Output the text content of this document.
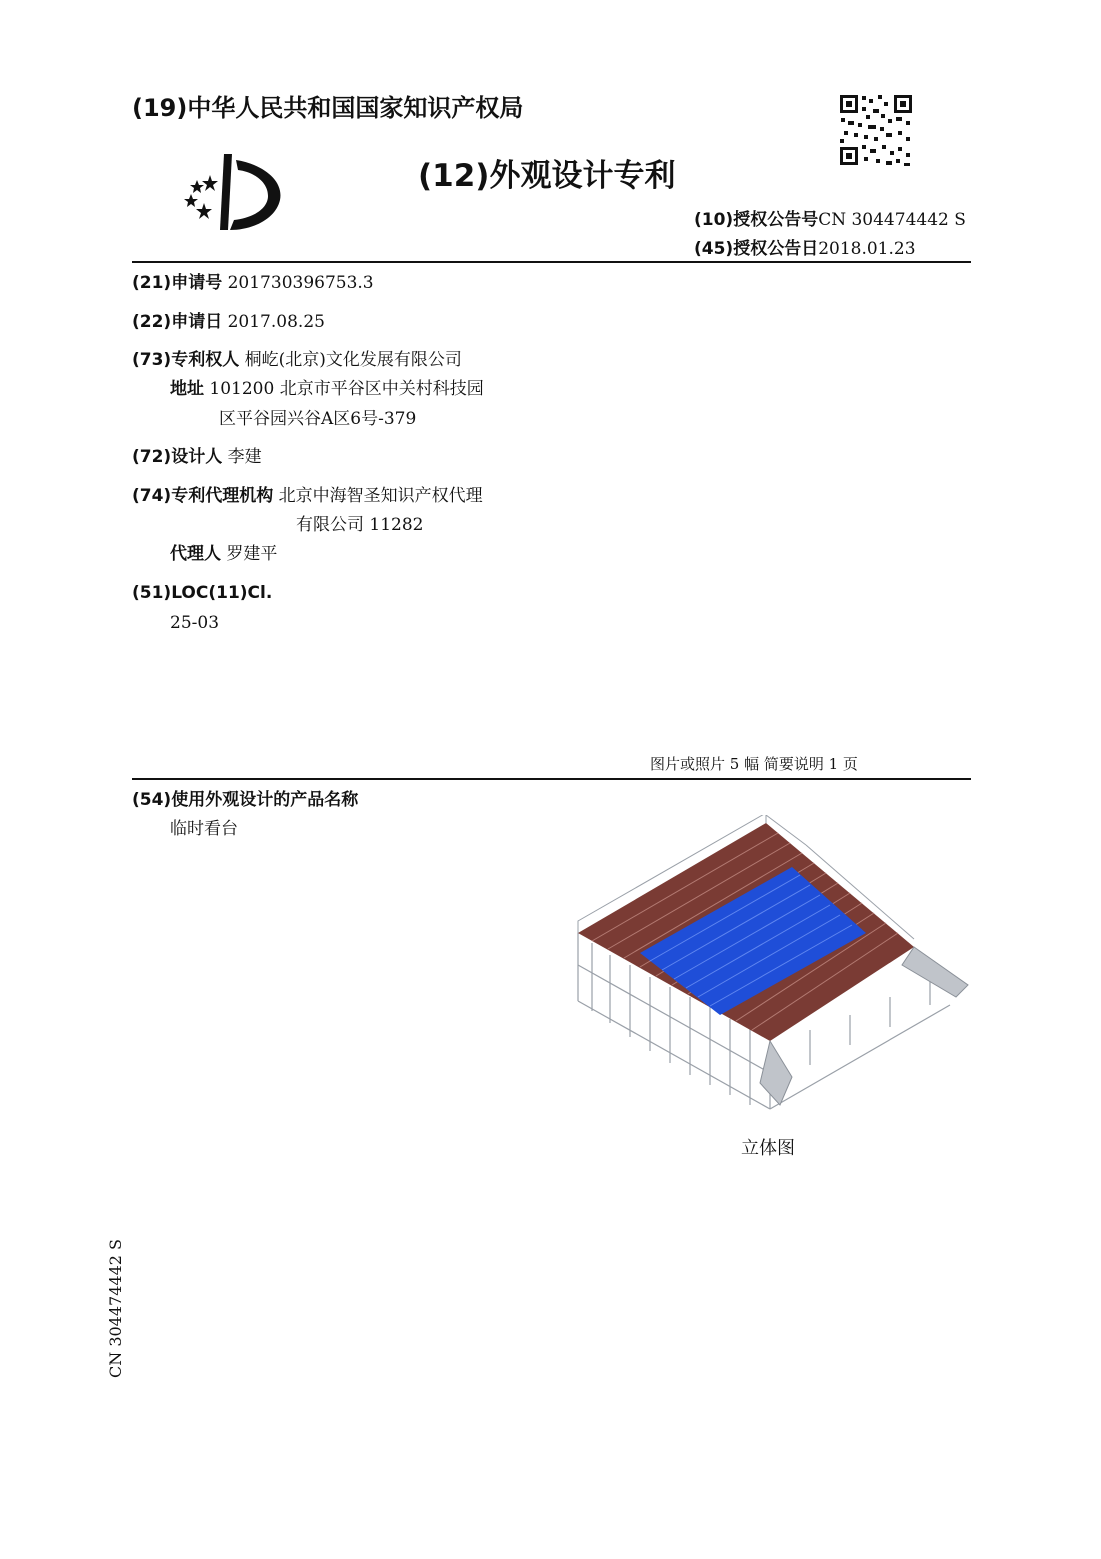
(19)中华人民共和国国家知识产权局
(12)外观设计专利
(10)授权公告号CN 304474442 S
(45)授权公告日2018.01.23
(21)申请号 201730396753.3
(22)申请日 2017.08.25
(73)专利权人 桐屹(北京)文化发展有限公司
地址 101200 北京市平谷区中关村科技园
区平谷园兴谷A区6号-379
(72)设计人 李建
(74)专利代理机构 北京中海智圣知识产权代理
有限公司 11282
代理人 罗建平
(51)LOC(11)Cl.
25-03
图片或照片 5 幅 简要说明 1 页
(54)使用外观设计的产品名称
临时看台
立体图
CN 304474442 S
